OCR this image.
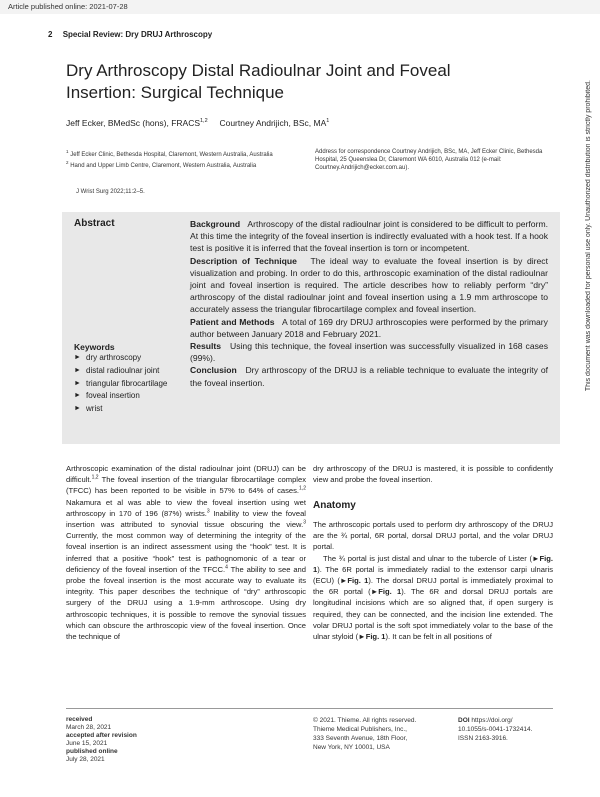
Article published online: 2021-07-28
2 Special Review: Dry DRUJ Arthroscopy
Dry Arthroscopy Distal Radioulnar Joint and Foveal Insertion: Surgical Technique
Jeff Ecker, BMedSc (hons), FRACS$^{1,2}$ Courtney Andrijich, BSc, $MA^1$
$^1$ Jeff Ecker Clinic, Bethesda Hospital, Claremont, Western Australia, Australia
$^2$ Hand and Upper Limb Centre, Claremont, Western Australia, Australia
Address for correspondence Courtney Andrijich, BSc, MA, Jeff Ecker Clinic, Bethesda Hospital, 25 Queenslea Dr, Claremont WA 6010, Australia 012 (e-mail: Courtney.Andrijich@ecker.com.au).
J Wrist Surg 2022;11:2–5.
Abstract	Background Arthroscopy of the distal radioulnar joint is considered to be difficult to perform. At this time the integrity of the foveal insertion is indirectly evaluated with a hook test. If a hook test is positive it is inferred that the foveal insertion is torn or incompetent.

Description of Technique The ideal way to evaluate the foveal insertion is by direct visualization and probing. In order to do this, arthroscopic examination of the distal radioulnar joint and foveal insertion is required. The article describes how to reliably perform “dry” arthroscopy of the distal radioulnar joint and foveal insertion using a 1.9 mm arthroscope to accurately assess the triangular fibrocartilage complex and foveal insertion.

Patient and Methods A total of 169 dry DRUJ arthroscopies were performed by the primary author between January 2018 and February 2021.

Results Using this technique, the foveal insertion was successfully visualized in 168 cases (99%).

Conclusion Dry arthroscopy of the DRUJ is a reliable technique to evaluate the integrity of the foveal insertion.

Keywords
► dry arthroscopy
► distal radioulnar joint
► triangular fibrocartilage
► foveal insertion
► wrist

Arthroscopic examination of the distal radioulnar joint (DRUJ) can be difficult.$^{1,2}$ The foveal insertion of the triangular fibrocartilage complex (TFCC) has been reported to be visible in 57% to 64% of cases.$^{1,2}$ Nakamura et al was able to view the foveal insertion using wet arthroscopy in 170 of 196 (87%) wrists.$^3$ Inability to view the foveal insertion was attributed to synovial tissue obscuring the view.$^3$ Currently, the most common way of determining the integrity of the foveal insertion is an indirect assessment using the “hook” test. It is inferred that a positive “hook” test is pathognomonic of a tear or deficiency of the foveal insertion of the TFCC.$^4$ The ability to see and probe the foveal insertion is the most accurate way to evaluate its integrity. This paper describes the technique of “dry” arthroscopic surgery of the DRUJ using a 1.9-mm arthroscope. Using dry arthroscopic techniques, it is possible to remove the synovial tissues which can obscure the arthroscopic view of the foveal insertion. Once the technique of

dry arthroscopy of the DRUJ is mastered, it is possible to confidently view and probe the foveal insertion.

Anatomy

The arthroscopic portals used to perform dry arthroscopy of the DRUJ are the ¾ portal, 6R portal, dorsal DRUJ portal, and the volar DRUJ portal.

The ¾ portal is just distal and ulnar to the tubercle of Lister (►Fig. 1). The 6R portal is immediately radial to the extensor carpi ulnaris (ECU) (►Fig. 1). The dorsal DRUJ portal is immediately proximal to the 6R portal (►Fig. 1). The 6R and dorsal DRUJ portals are longitudinal incisions which are so aligned that, if open surgery is required, they can be connected, and the incision line extended. The volar DRUJ portal is the soft spot immediately volar to the base of the ulnar styloid (►Fig. 1). It can be felt in all positions of

received
March 28, 2021
accepted after revision
June 15, 2021
published online
July 28, 2021
© 2021. Thieme. All rights reserved.
Thieme Medical Publishers, Inc.,
333 Seventh Avenue, 18th Floor,
New York, NY 10001, USA
DOI https://doi.org/
10.1055/s-0041-1732414.
ISSN 2163-3916.
This document was downloaded for personal use only. Unauthorized distribution is strictly prohibited.
